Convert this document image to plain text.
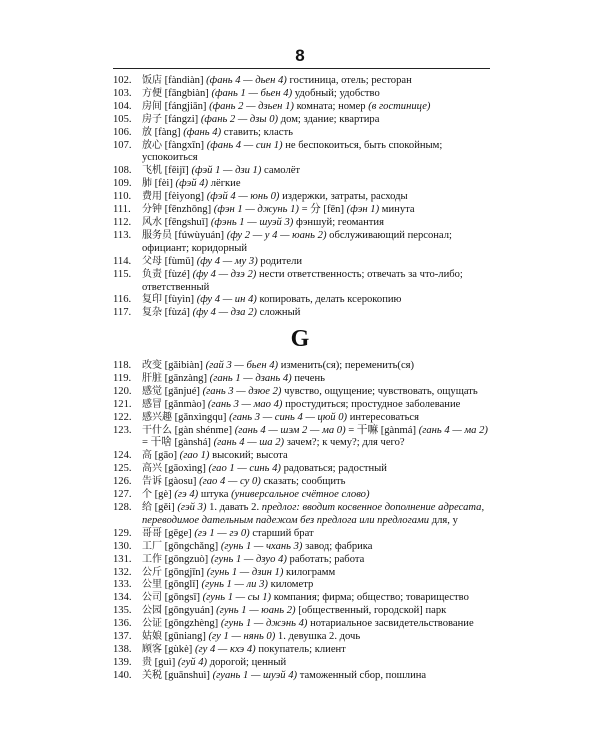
8

102. 饭店 [fàndiàn] (фань 4 — дьен 4) гостиница, отель; ресторан

103. 方便 [fāngbiàn] (фань 1 — бьен 4) удобный; удобство

104. 房间 [fángjiān] (фань 2 — дзьен 1) комната; номер (в гостинице)

105. 房子 [fángzi] (фань 2 — дзы 0) дом; здание; квартира

106. 放 [fàng] (фань 4) ставить; класть

107. 放心 [fàngxīn] (фань 4 — син 1) не беспокоиться, быть спокойным; успокоиться

108. 飞机 [fēijī] (фэй 1 — дзи 1) самолёт

109. 肺 [fèi] (фэй 4) лёгкие

110. 费用 [fèiyong] (фэй 4 — юнь 0) издержки, затраты, расходы

111. 分钟 [fēnzhōng] (фэн 1 — джунь 1) = 分 [fēn] (фэн 1) минута

112. 风水 [fēngshuǐ] (фэнь 1 — шуэй 3) фэншуй; геомантия

113. 服务员 [fúwùyuán] (фу 2 — у 4 — юань 2) обслуживающий персонал; официант; коридорный

114. 父母 [fùmǔ] (фу 4 — му 3) родители

115. 负责 [fùzé] (фу 4 — дзэ 2) нести ответственность; отвечать за что-либо; ответственный

116. 复印 [fùyìn] (фу 4 — ин 4) копировать, делать ксерокопию

117. 复杂 [fùzá] (фу 4 — дза 2) сложный

G

118. 改变 [gǎibiàn] (гай 3 — бьен 4) изменить(ся); переменить(ся)

119. 肝脏 [gānzàng] (гань 1 — дзань 4) печень

120. 感觉 [gǎnjué] (гань 3 — дзюе 2) чувство, ощущение; чувствовать, ощущать

121. 感冒 [gǎnmào] (гань 3 — мао 4) простудиться; простудное заболевание

122. 感兴趣 [gǎnxìngqu] (гань 3 — синь 4 — цюй 0) интересоваться

123. 干什么 [gàn shénme] (гань 4 — шэм 2 — ма 0) = 干嘛 [gànmá] (гань 4 — ма 2) = 干啥 [gànshá] (гань 4 — ша 2) зачем?; к чему?; для чего?

124. 高 [gāo] (гао 1) высокий; высота

125. 高兴 [gāoxìng] (гао 1 — синь 4) радоваться; радостный

126. 告诉 [gàosu] (гао 4 — су 0) сказать; сообщить

127. 个 [gè] (гэ 4) штука (универсальное счётное слово)

128. 给 [gěi] (гэй 3) 1. давать 2. предлог: вводит косвенное дополнение адресата, переводимое дательным падежом без предлога или предлогами для, у

129. 哥哥 [gēge] (гэ 1 — гэ 0) старший брат

130. 工厂 [gōngchǎng] (гунь 1 — чхань 3) завод; фабрика

131. 工作 [gōngzuò] (гунь 1 — дзуо 4) работать; работа

132. 公斤 [gōngjīn] (гунь 1 — дзин 1) килограмм

133. 公里 [gōnglǐ] (гунь 1 — ли 3) километр

134. 公司 [gōngsī] (гунь 1 — сы 1) компания; фирма; общество; товарищество

135. 公园 [gōngyuán] (гунь 1 — юань 2) [общественный, городской] парк

136. 公证 [gōngzhèng] (гунь 1 — джэнь 4) нотариальное засвидетельствование

137. 姑娘 [gūniang] (гу 1 — нянь 0) 1. девушка 2. дочь

138. 顾客 [gùkè] (гу 4 — кхэ 4) покупатель; клиент

139. 贵 [guì] (гуй 4) дорогой; ценный

140. 关税 [guānshuì] (гуань 1 — шуэй 4) таможенный сбор, пошлина
